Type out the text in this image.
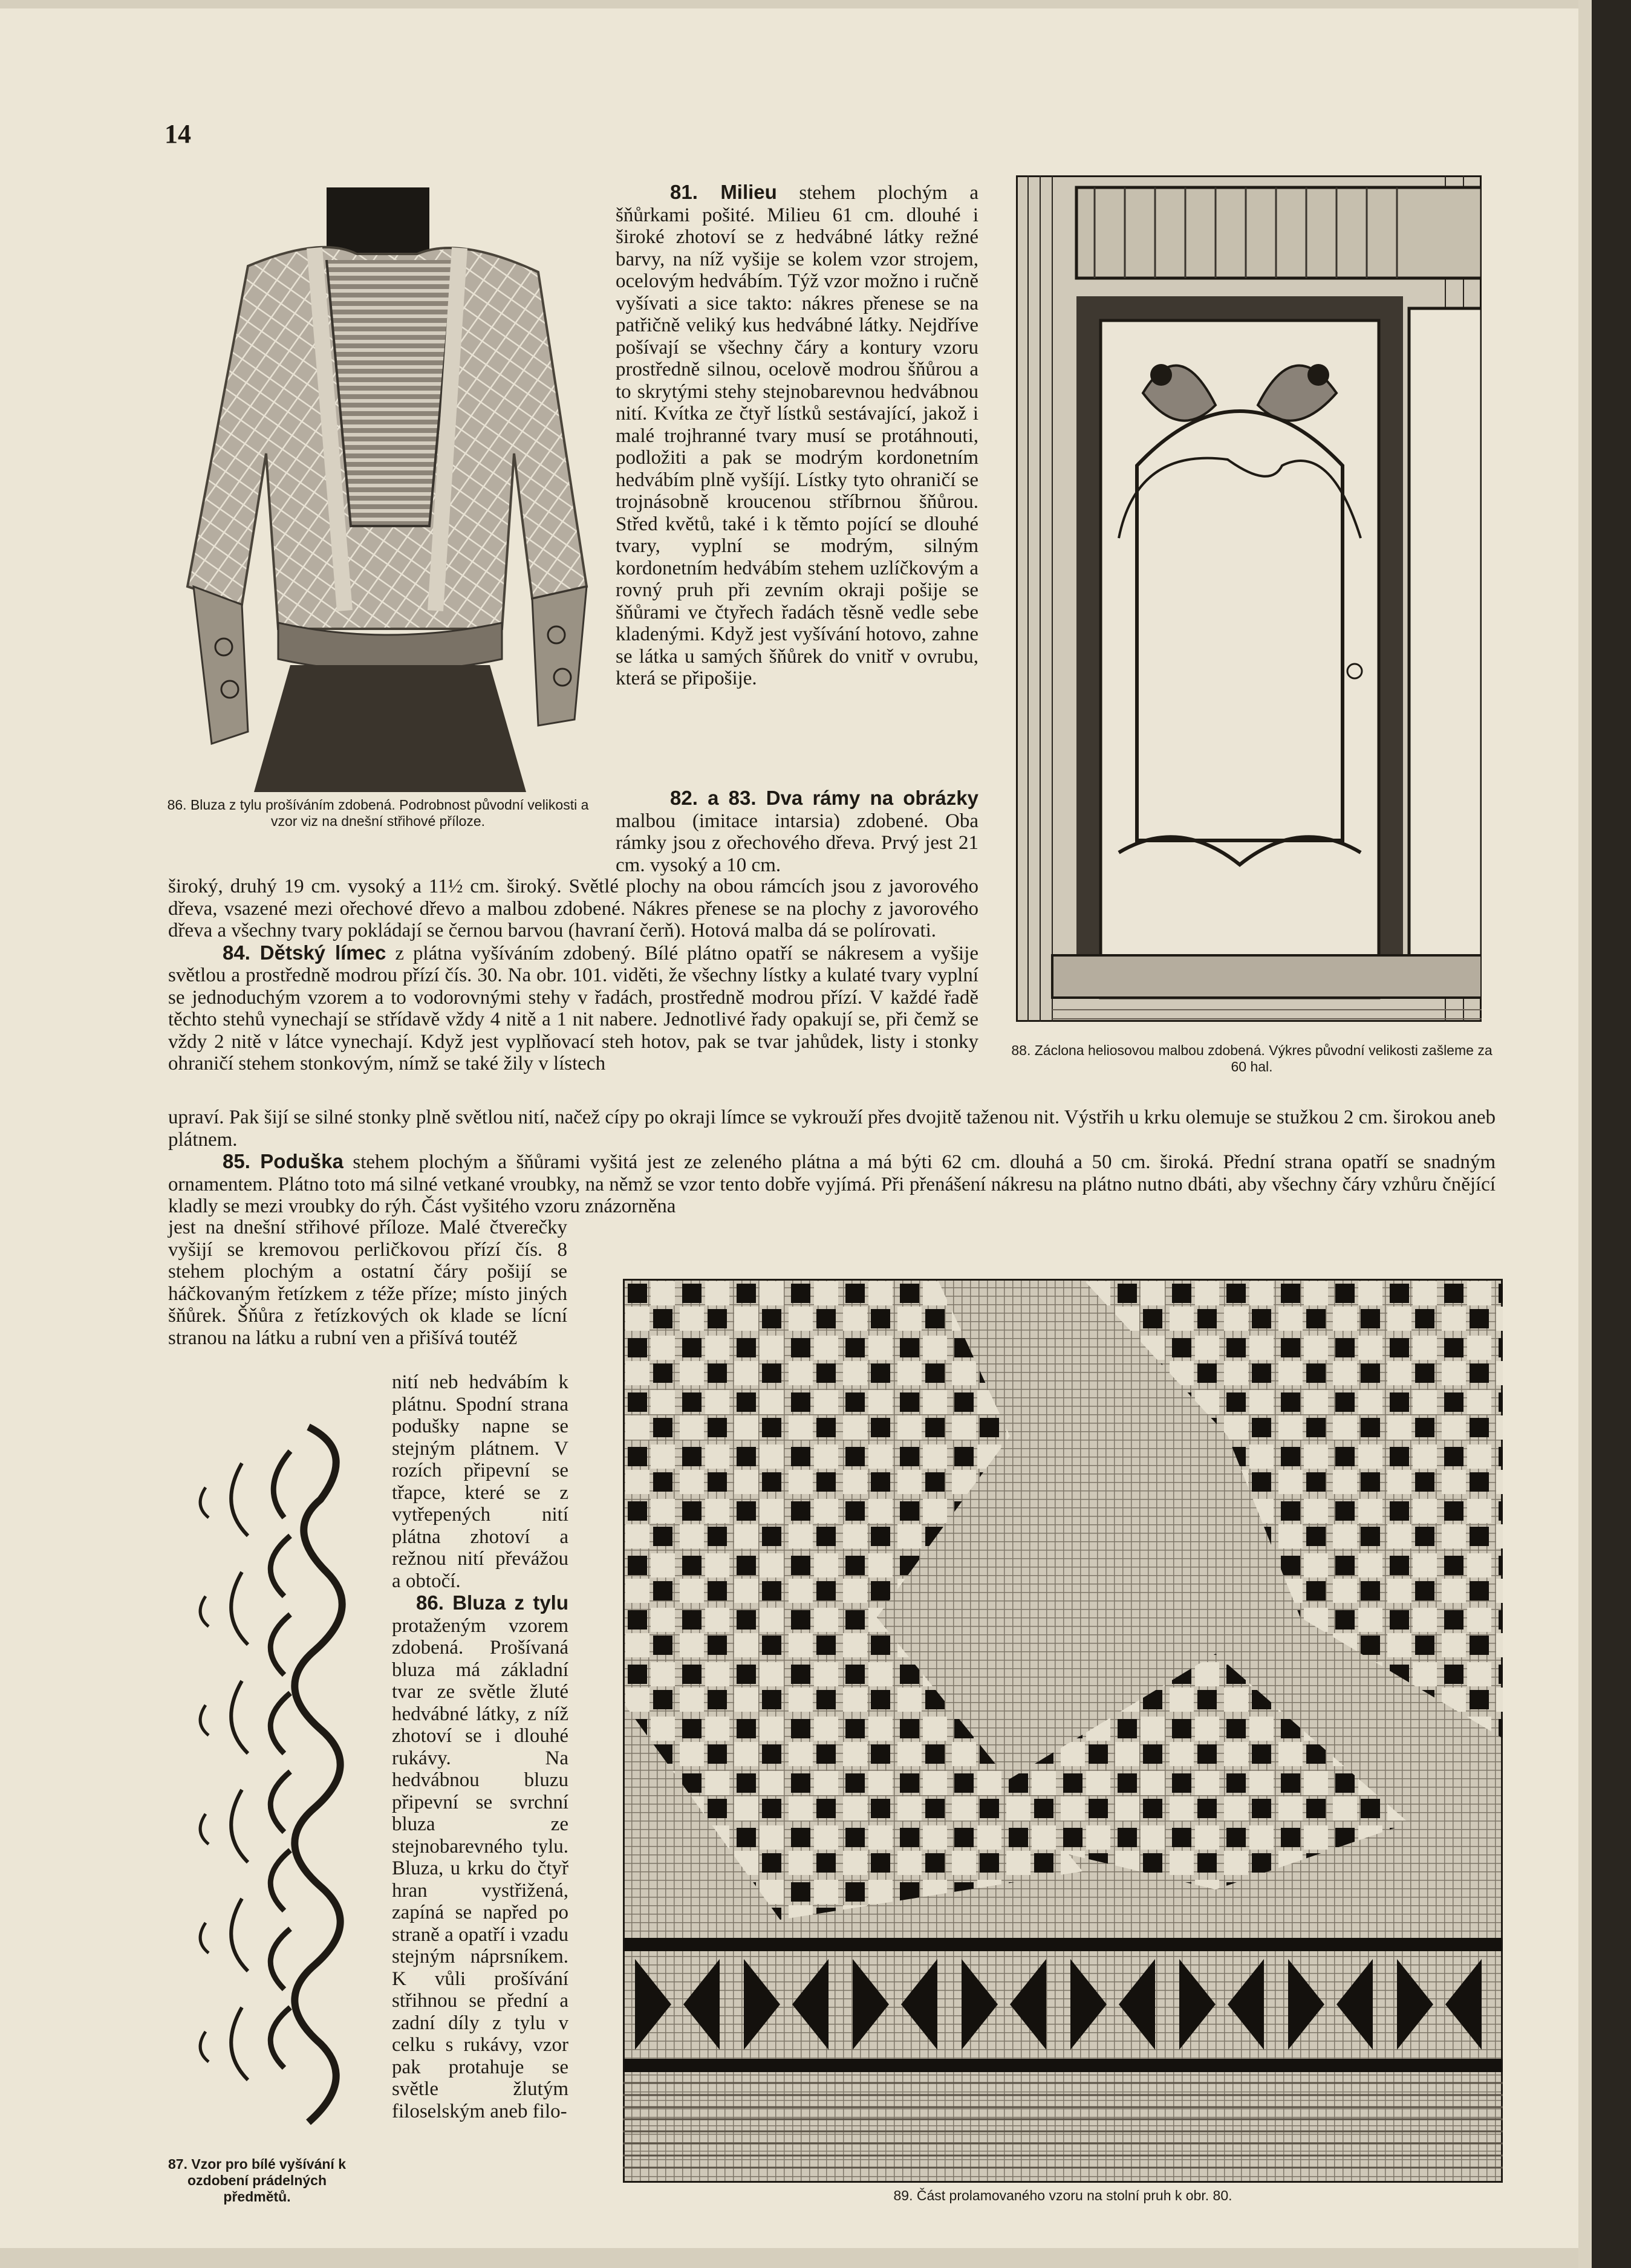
14
86. Bluza z tylu prošíváním zdobená. Podrobnost původní velikosti a vzor viz na dnešní střihové příloze.
88. Záclona heliosovou malbou zdobená. Výkres původní velikosti zašleme za 60 hal.
87. Vzor pro bílé vyšívání k ozdobení prádelných předmětů.	89. Část prolamovaného vzoru na stolní pruh k obr. 80.

81. Milieu stehem plochým a šňůrkami pošité. Milieu 61 cm. dlouhé i široké zhotoví se z hedvábné látky režné barvy, na níž vyšije se kolem vzor strojem, ocelovým hedvábím. Týž vzor možno i ručně vyšívati a sice takto: nákres přenese se na patřičně veliký kus hedvábné látky. Nejdříve pošívají se všechny čáry a kontury vzoru prostředně silnou, ocelově modrou šňůrou a to skrytými stehy stejnobarevnou hedvábnou nití. Kvítka ze čtyř lístků sestávající, jakož i malé trojhranné tvary musí se protáhnouti, podložiti a pak se modrým kordonetním hedvábím plně vyšíjí. Lístky tyto ohraničí se trojnásobně kroucenou stříbrnou šňůrou. Střed květů, také i k těmto pojící se dlouhé tvary, vyplní se modrým, silným kordonetním hedvábím stehem uzlíčkovým a rovný pruh při zevním okraji pošije se šňůrami ve čtyřech řadách těsně vedle sebe kladenými. Když jest vyšívání hotovo, zahne se látka u samých šňůrek do vnitř v ovrubu, která se připošije.

82. a 83. Dva rámy na obrázky malbou (imitace intarsia) zdobené. Oba rámky jsou z ořechového dřeva. Prvý jest 21 cm. vysoký a 10 cm.

široký, druhý 19 cm. vysoký a 11½ cm. široký. Světlé plochy na obou rámcích jsou z javorového dřeva, vsazené mezi ořechové dřevo a malbou zdobené. Nákres přenese se na plochy z javorového dřeva a všechny tvary pokládají se černou barvou (havraní čerň). Hotová malba dá se polírovati.

84. Dětský límec z plátna vyšíváním zdobený. Bílé plátno opatří se nákresem a vyšije světlou a prostředně modrou přízí čís. 30. Na obr. 101. viděti, že všechny lístky a kulaté tvary vyplní se jednoduchým vzorem a to vodorovnými stehy v řadách, prostředně modrou přízí. V každé řadě těchto stehů vynechají se střídavě vždy 4 nitě a 1 nit nabere. Jednotlivé řady opakují se, při čemž se vždy 2 nitě v látce vynechají. Když jest vyplňovací steh hotov, pak se tvar jahůdek, listy i stonky ohraničí stehem stonkovým, nímž se také žily v lístech

upraví. Pak šijí se silné stonky plně světlou nití, načež cípy po okraji límce se vykrouží přes dvojitě taženou nit. Výstřih u krku olemuje se stužkou 2 cm. širokou aneb plátnem.

85. Poduška stehem plochým a šňůrami vyšitá jest ze zeleného plátna a má býti 62 cm. dlouhá a 50 cm. široká. Přední strana opatří se snadným ornamentem. Plátno toto má silné vetkané vroubky, na němž se vzor tento dobře vyjímá. Při přenášení nákresu na plátno nutno dbáti, aby všechny čáry vzhůru čnějící kladly se mezi vroubky do rýh. Část vyšitého vzoru znázorněna

jest na dnešní střihové příloze. Malé čtverečky vyšijí se kremovou perličkovou přízí čís. 8 stehem plochým a ostatní čáry pošijí se háčkovaným řetízkem z téže příze; místo jiných šňůrek. Šňůra z řetízkových ok klade se lícní stranou na látku a rubní ven a přišívá toutéž

nití neb hedvábím k plátnu. Spodní strana podušky napne se stejným plátnem. V rozích připevní se třapce, které se z vytřepených nití plátna zhotoví a režnou nití převážou a obtočí.

86. Bluza z tylu protaženým vzorem zdobená. Prošívaná bluza má základní tvar ze světle žluté hedvábné látky, z níž zhotoví se i dlouhé rukávy. Na hedvábnou bluzu připevní se svrchní bluza ze stejnobarevného tylu. Bluza, u krku do čtyř hran vystřižená, zapíná se napřed po straně a opatří i vzadu stejným náprsníkem. K vůli prošívání střihnou se přední a zadní díly z tylu v celku s rukávy, vzor pak protahuje se světle žlutým filoselským aneb filo-
